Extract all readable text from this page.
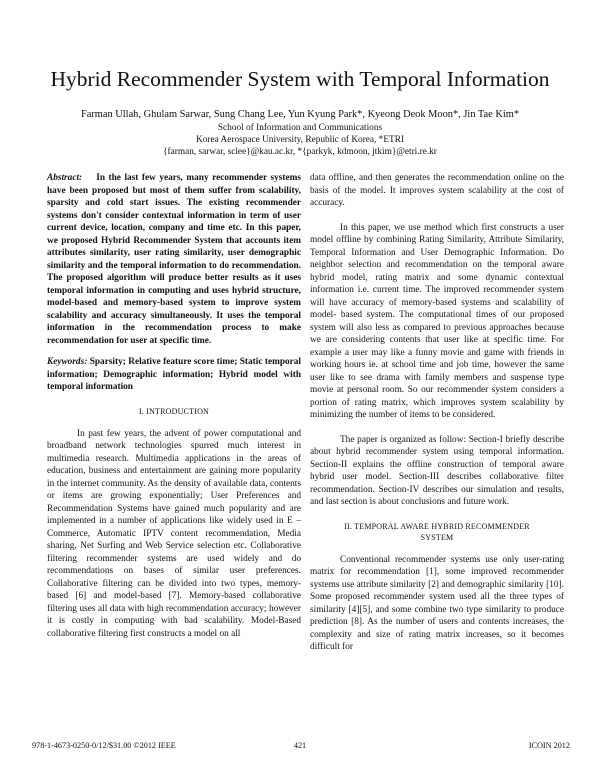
Hybrid Recommender System with Temporal Information
Farman Ullah, Ghulam Sarwar, Sung Chang Lee, Yun Kyung Park*, Kyeong Deok Moon*, Jin Tae Kim*
School of Information and Communications
Korea Aerospace University, Republic of Korea, *ETRI
{farman, sarwar, sclee}@kau.ac.kr, *{parkyk, kdmoon, jtkim}@etri.re.kr

Abstract: In the last few years, many recommender systems have been proposed but most of them suffer from scalability, sparsity and cold start issues. The existing recommender systems don't consider contextual information in term of user current device, location, company and time etc. In this paper, we proposed Hybrid Recommender System that accounts item attributes similarity, user rating similarity, user demographic similarity and the temporal information to do recommendation. The proposed algorithm will produce better results as it uses temporal information in computing and uses hybrid structure, model-based and memory-based system to improve system scalability and accuracy simultaneously. It uses the temporal information in the recommendation process to make recommendation for user at specific time.

Keywords: Sparsity; Relative feature score time; Static temporal information; Demographic information; Hybrid model with temporal information

I. INTRODUCTION

In past few years, the advent of power computational and broadband network technologies spurred much interest in multimedia research. Multimedia applications in the areas of education, business and entertainment are gaining more popularity in the internet community. As the density of available data, contents or items are growing exponentially; User Preferences and Recommendation Systems have gained much popularity and are implemented in a number of applications like widely used in E – Commerce, Automatic IPTV content recommendation, Media sharing, Net Surfing and Web Service selection etc. Collaborative filtering recommender systems are used widely and do recommendations on bases of similar user preferences. Collaborative filtering can be divided into two types, memory-based [6] and model-based [7]. Memory-based collaborative filtering uses all data with high recommendation accuracy; however it is costly in computing with bad scalability. Model-Based collaborative filtering first constructs a model on all

data offline, and then generates the recommendation online on the basis of the model. It improves system scalability at the cost of accuracy.

In this paper, we use method which first constructs a user model offline by combining Rating Similarity, Attribute Similarity, Temporal Information and User Demographic Information. Do neighbor selection and recommendation on the temporal aware hybrid model, rating matrix and some dynamic contextual information i.e. current time. The improved recommender system will have accuracy of memory-based systems and scalability of model- based system. The computational times of our proposed system will also less as compared to previous approaches because we are considering contents that user like at specific time. For example a user may like a funny movie and game with friends in working hours ie. at school time and job time, however the same user like to see drama with family members and suspense type movie at personal room. So our recommender system considers a portion of rating matrix, which improves system scalability by minimizing the number of items to be considered.

The paper is organized as follow: Section-I briefly describe about hybrid recommender system using temporal information. Section-II explains the offline construction of temporal aware hybrid user model. Section-III describes collaborative filter recommendation. Section-IV describes our simulation and results, and last section is about conclusions and future work.

II. TEMPORAL AWARE HYBRID RECOMMENDER
SYSTEM

Conventional recommender systems use only user-rating matrix for recommendation [1], some improved recommender systems use attribute similarity [2] and demographic similarity [10]. Some proposed recommender system used all the three types of similarity [4][5], and some combine two type similarity to produce prediction [8]. As the number of users and contents increases, the complexity and size of rating matrix increases, so it becomes difficult for

978-1-4673-0250-0/12/$31.00 ©2012 IEEE	421	ICOIN 2012
